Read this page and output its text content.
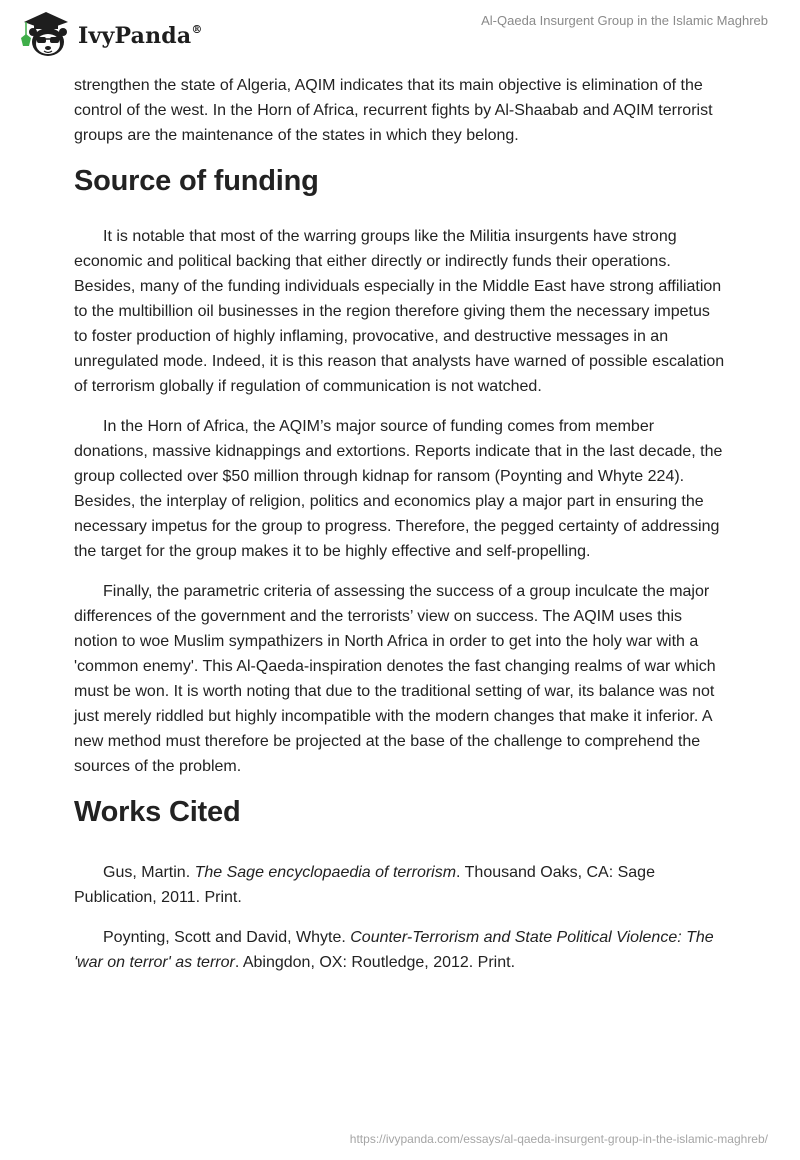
IvyPanda®
Al-Qaeda Insurgent Group in the Islamic Maghreb

strengthen the state of Algeria, AQIM indicates that its main objective is elimination of the control of the west. In the Horn of Africa, recurrent fights by Al-Shaabab and AQIM terrorist groups are the maintenance of the states in which they belong.

Source of funding

It is notable that most of the warring groups like the Militia insurgents have strong economic and political backing that either directly or indirectly funds their operations. Besides, many of the funding individuals especially in the Middle East have strong affiliation to the multibillion oil businesses in the region therefore giving them the necessary impetus to foster production of highly inflaming, provocative, and destructive messages in an unregulated mode. Indeed, it is this reason that analysts have warned of possible escalation of terrorism globally if regulation of communication is not watched.

In the Horn of Africa, the AQIM’s major source of funding comes from member donations, massive kidnappings and extortions. Reports indicate that in the last decade, the group collected over $50 million through kidnap for ransom (Poynting and Whyte 224). Besides, the interplay of religion, politics and economics play a major part in ensuring the necessary impetus for the group to progress. Therefore, the pegged certainty of addressing the target for the group makes it to be highly effective and self-propelling.

Finally, the parametric criteria of assessing the success of a group inculcate the major differences of the government and the terrorists’ view on success. The AQIM uses this notion to woe Muslim sympathizers in North Africa in order to get into the holy war with a 'common enemy'. This Al-Qaeda-inspiration denotes the fast changing realms of war which must be won. It is worth noting that due to the traditional setting of war, its balance was not just merely riddled but highly incompatible with the modern changes that make it inferior. A new method must therefore be projected at the base of the challenge to comprehend the sources of the problem.

Works Cited

Gus, Martin. The Sage encyclopaedia of terrorism. Thousand Oaks, CA: Sage Publication, 2011. Print.

Poynting, Scott and David, Whyte. Counter-Terrorism and State Political Violence: The 'war on terror' as terror. Abingdon, OX: Routledge, 2012. Print.

https://ivypanda.com/essays/al-qaeda-insurgent-group-in-the-islamic-maghreb/
